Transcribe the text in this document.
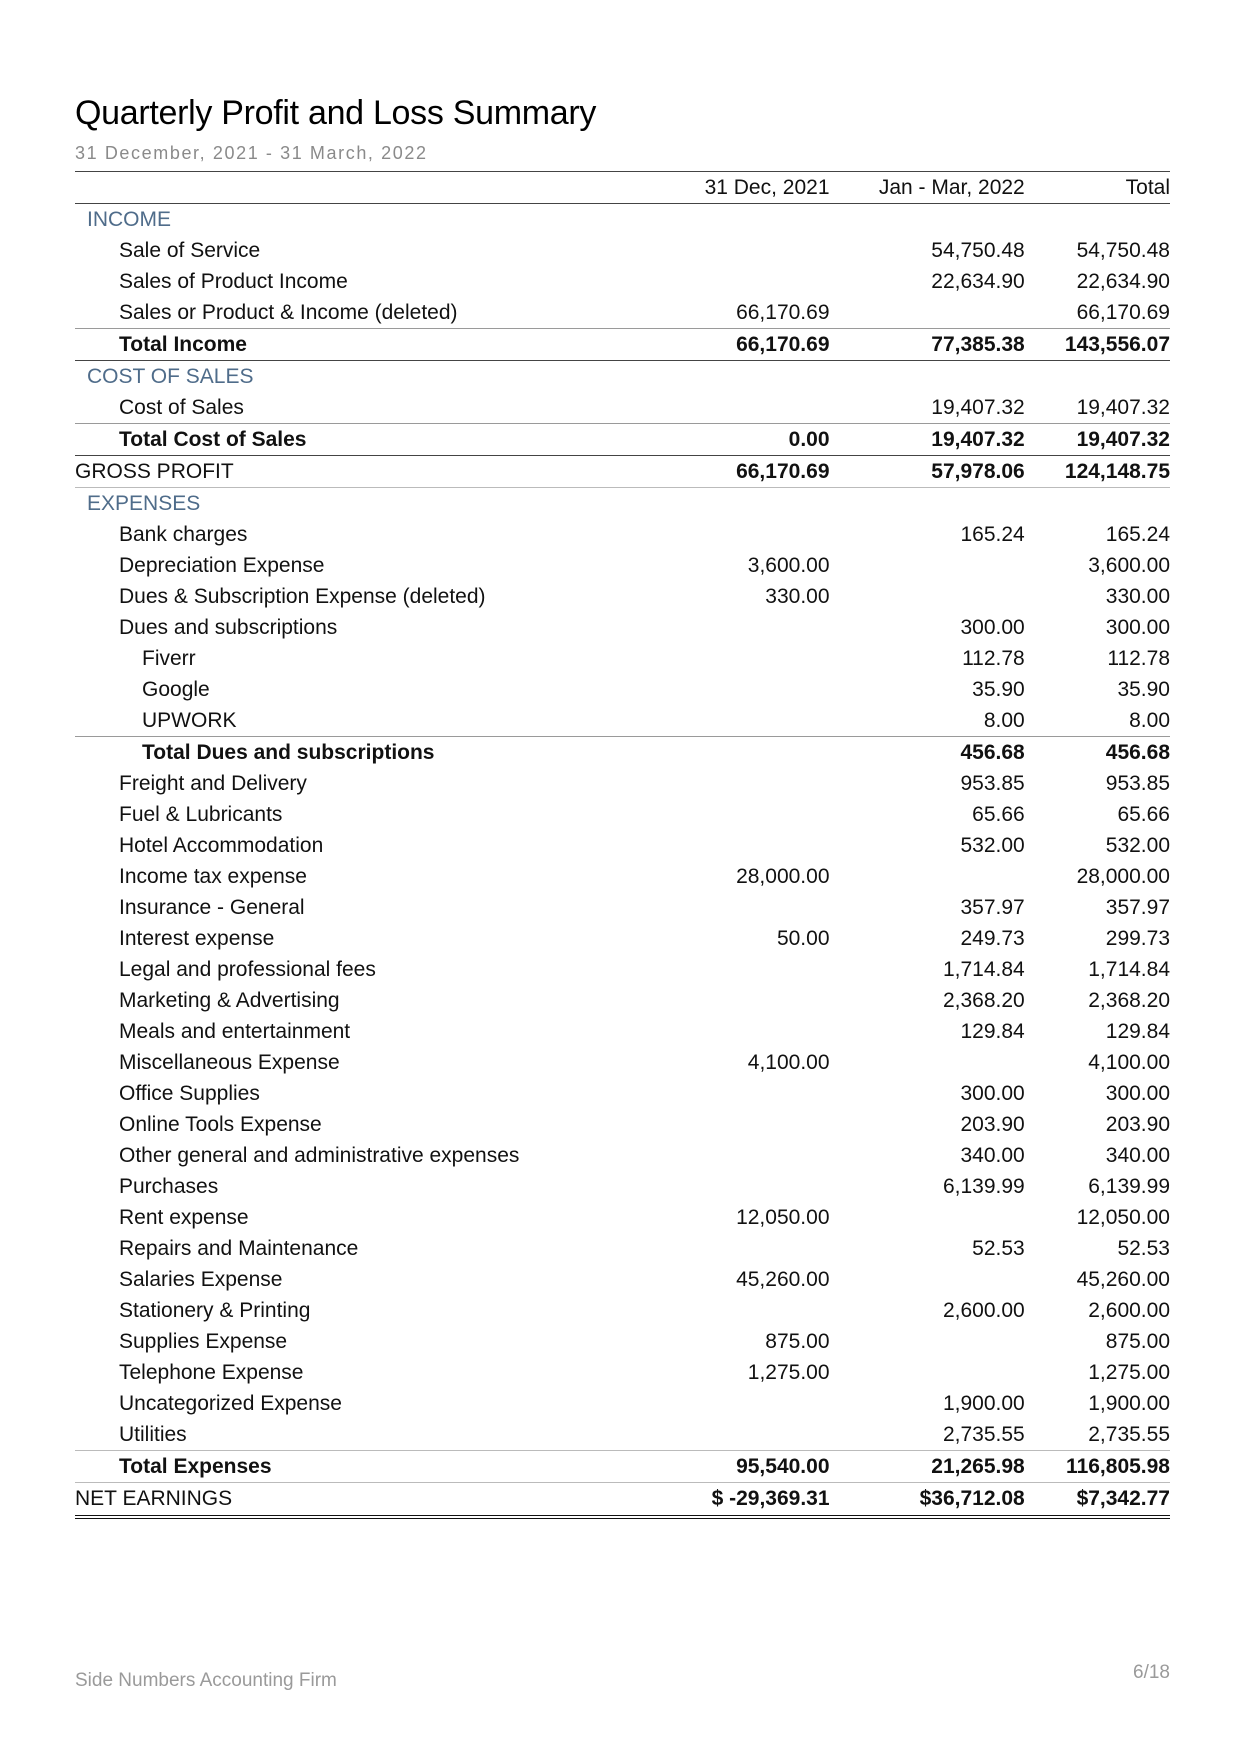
Quarterly Profit and Loss Summary
31 December, 2021 - 31 March, 2022
	31 Dec, 2021	Jan - Mar, 2022	Total
INCOME			
Sale of Service		54,750.48	54,750.48
Sales of Product Income		22,634.90	22,634.90
Sales or Product & Income (deleted)	66,170.69		66,170.69
Total Income	66,170.69	77,385.38	143,556.07
COST OF SALES			
Cost of Sales		19,407.32	19,407.32
Total Cost of Sales	0.00	19,407.32	19,407.32
GROSS PROFIT	66,170.69	57,978.06	124,148.75
EXPENSES			
Bank charges		165.24	165.24
Depreciation Expense	3,600.00		3,600.00
Dues & Subscription Expense (deleted)	330.00		330.00
Dues and subscriptions		300.00	300.00
Fiverr		112.78	112.78
Google		35.90	35.90
UPWORK		8.00	8.00
Total Dues and subscriptions		456.68	456.68
Freight and Delivery		953.85	953.85
Fuel & Lubricants		65.66	65.66
Hotel Accommodation		532.00	532.00
Income tax expense	28,000.00		28,000.00
Insurance - General		357.97	357.97
Interest expense	50.00	249.73	299.73
Legal and professional fees		1,714.84	1,714.84
Marketing & Advertising		2,368.20	2,368.20
Meals and entertainment		129.84	129.84
Miscellaneous Expense	4,100.00		4,100.00
Office Supplies		300.00	300.00
Online Tools Expense		203.90	203.90
Other general and administrative expenses		340.00	340.00
Purchases		6,139.99	6,139.99
Rent expense	12,050.00		12,050.00
Repairs and Maintenance		52.53	52.53
Salaries Expense	45,260.00		45,260.00
Stationery & Printing		2,600.00	2,600.00
Supplies Expense	875.00		875.00
Telephone Expense	1,275.00		1,275.00
Uncategorized Expense		1,900.00	1,900.00
Utilities		2,735.55	2,735.55
Total Expenses	95,540.00	21,265.98	116,805.98
NET EARNINGS	$ -29,369.31	$36,712.08	$7,342.77
Side Numbers Accounting Firm	6/18
